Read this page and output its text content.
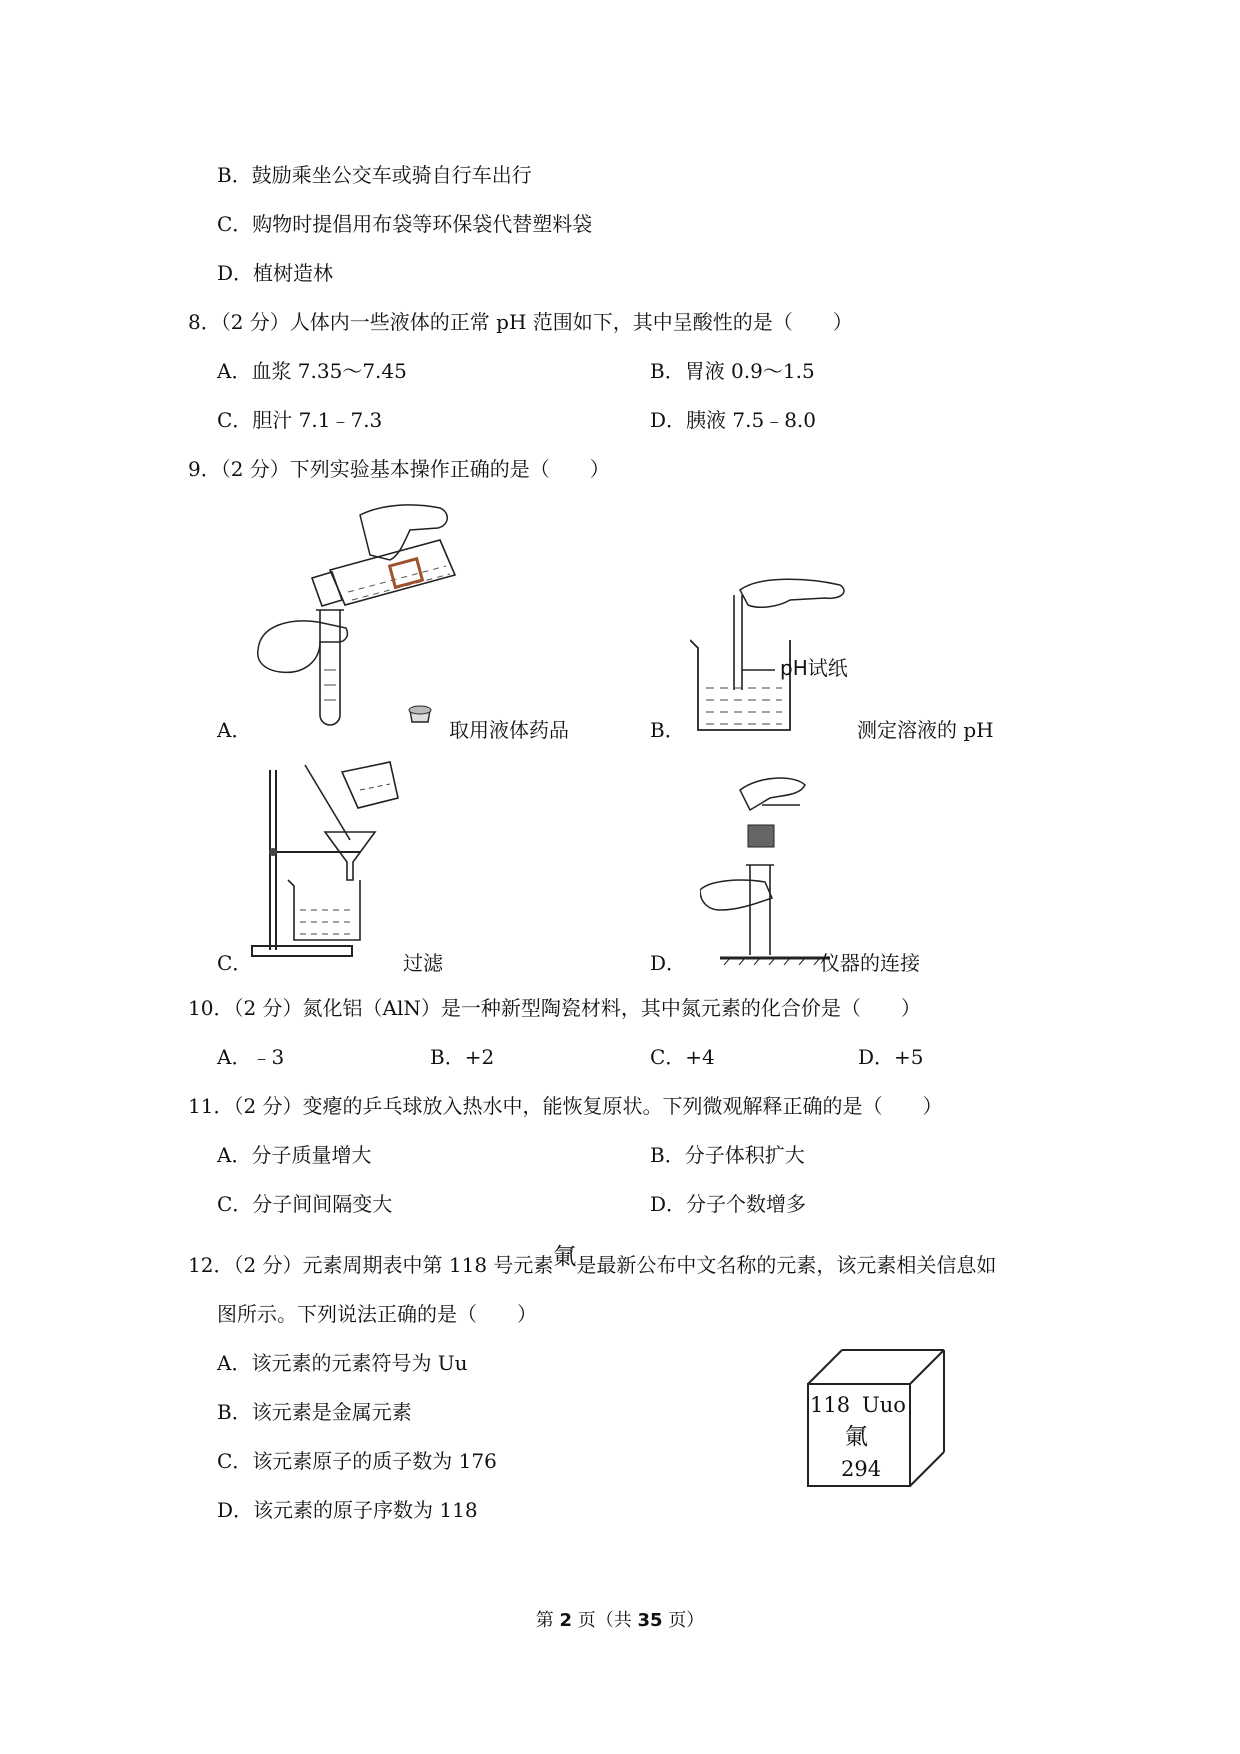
B．鼓励乘坐公交车或骑自行车出行
C．购物时提倡用布袋等环保袋代替塑料袋
D．植树造林
8．（2 分）人体内一些液体的正常 pH 范围如下，其中呈酸性的是（　　）
A．血浆 7.35～7.45	B．胃液 0.9～1.5
C．胆汁 7.1﹣7.3	D．胰液 7.5﹣8.0
9．（2 分）下列实验基本操作正确的是（　　）
A．	取用液体药品
pH试纸
B．	测定溶液的 pH
C．	过滤	D．	仪器的连接
10．（2 分）氮化铝（AlN）是一种新型陶瓷材料，其中氮元素的化合价是（　　）
A．﹣3	B．+2	C．+4	D．+5
11．（2 分）变瘪的乒乓球放入热水中，能恢复原状。下列微观解释正确的是（　　）
A．分子质量增大	B．分子体积扩大
C．分子间间隔变大	D．分子个数增多
12．（2 分）元素周期表中第 118 号元素氭是最新公布中文名称的元素，该元素相关信息如
图所示。下列说法正确的是（　　）
A．该元素的元素符号为 Uu
B．该元素是金属元素
C．该元素原子的质子数为 176
D．该元素的原子序数为 118
118 Uuo
氭
294
第 2 页（共 35 页）
